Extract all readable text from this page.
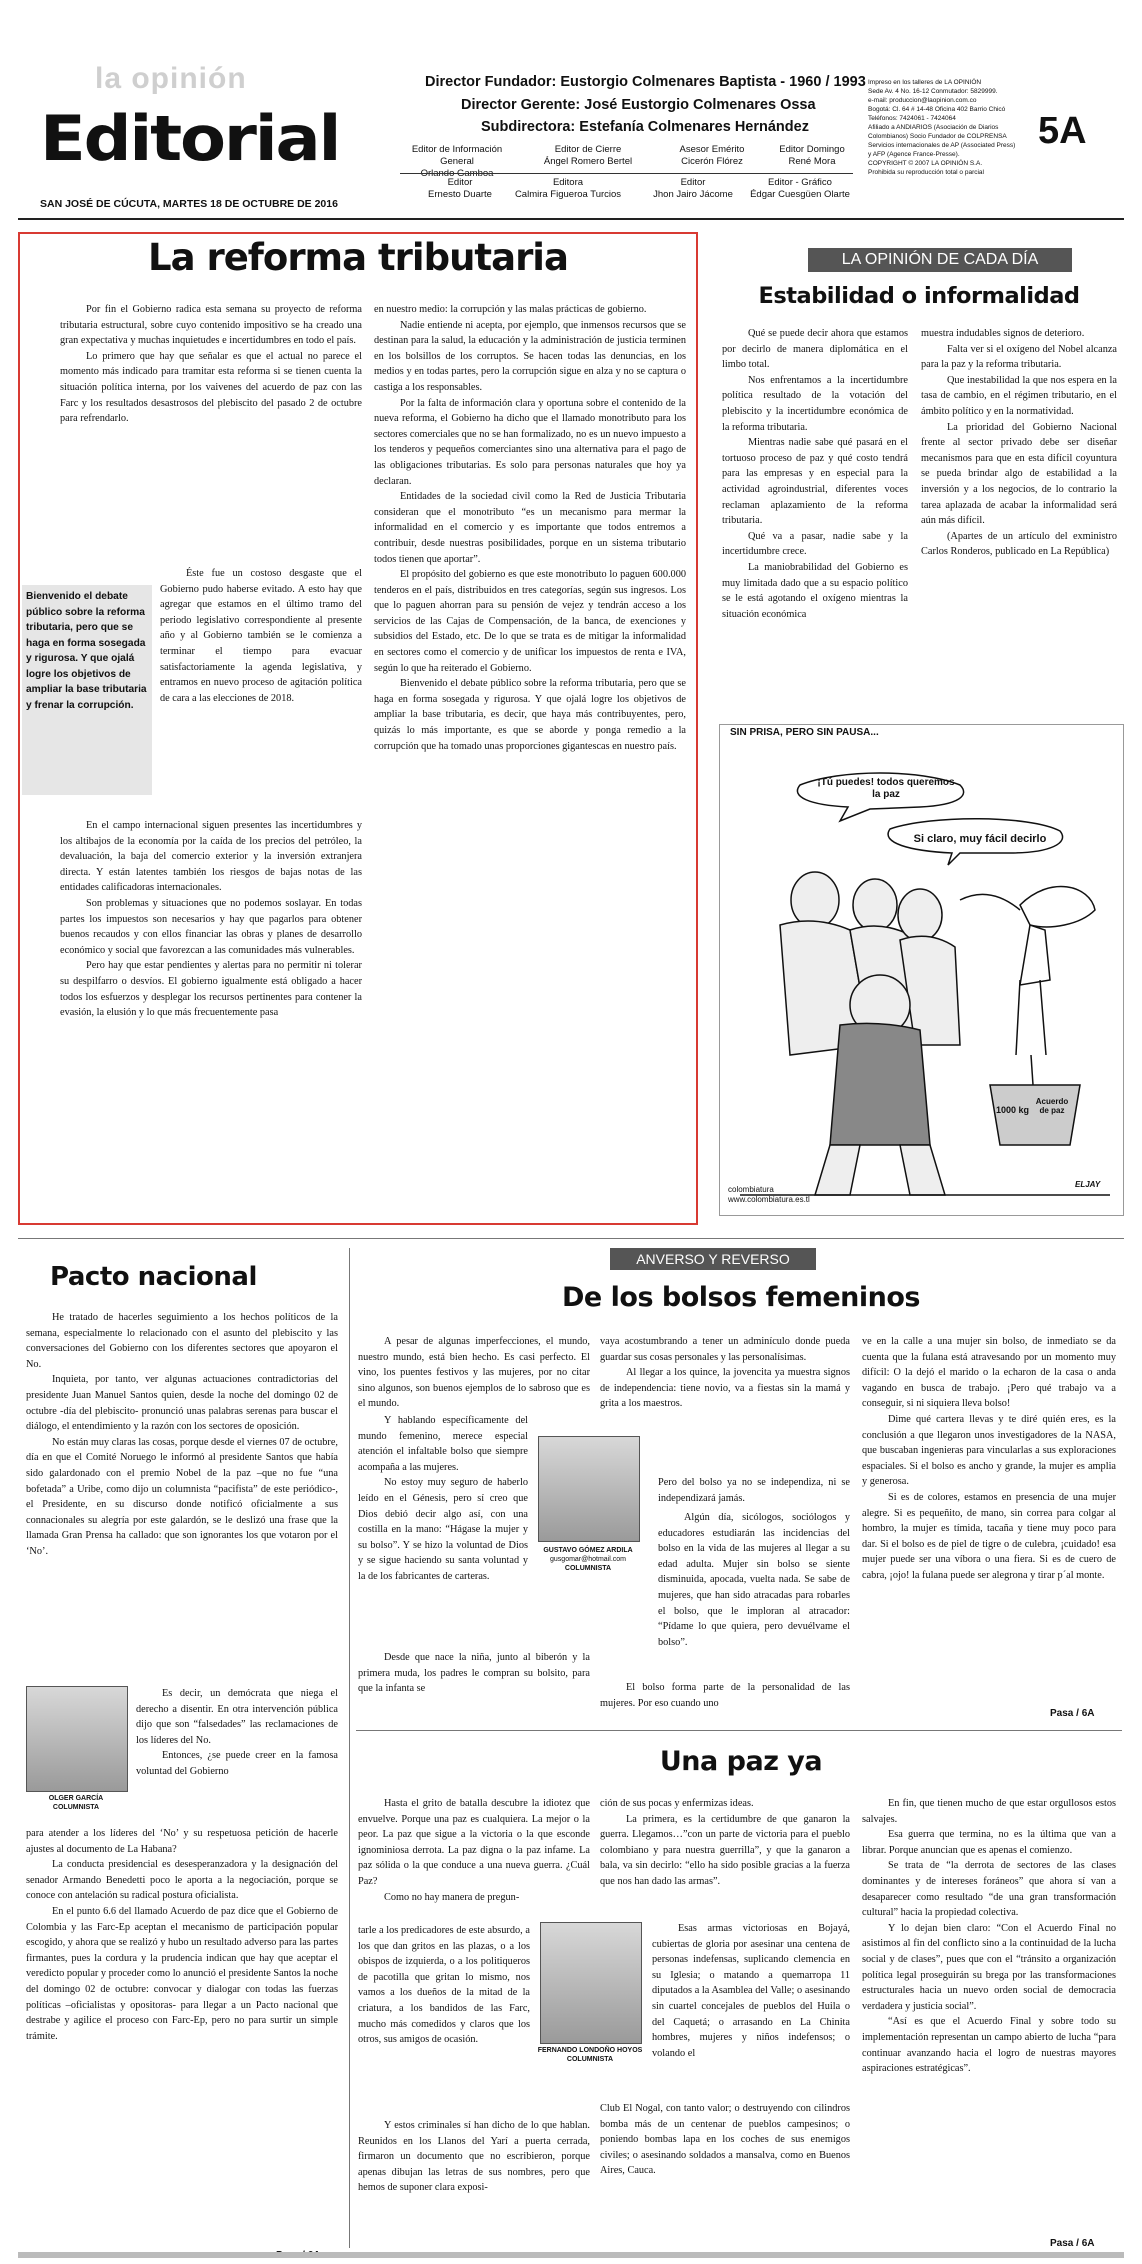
la opinión
Editorial
SAN JOSÉ DE CÚCUTA, MARTES 18 DE OCTUBRE DE 2016
Director Fundador: Eustorgio Colmenares Baptista - 1960 / 1993
Director Gerente: José Eustorgio Colmenares Ossa
Subdirectora: Estefanía Colmenares Hernández
Editor de Información General
Orlando Gamboa
Editor de Cierre
Ángel Romero Bertel
Asesor Emérito
Cicerón Flórez
Editor Domingo
René Mora
Editor
Ernesto Duarte
Editora
Calmira Figueroa Turcios
Editor
Jhon Jairo Jácome
Editor - Gráfico
Édgar Cuesgüen Olarte
Impreso en los talleres de LA OPINIÓN
Sede Av. 4 No. 16-12 Conmutador: 5829999.
e-mail: produccion@laopinion.com.co
Bogotá: Cl. 64 # 14-48 Oficina 402 Barrio Chicó
Teléfonos: 7424061 - 7424064
Afiliado a ANDIARIOS (Asociación de Diarios
Colombianos) Socio Fundador de COLPRENSA
Servicios internacionales de AP (Associated Press)
y AFP (Agence France-Presse).
COPYRIGHT © 2007 LA OPINIÓN S.A.
Prohibida su reproducción total o parcial
5A
La reforma tributaria

Por fin el Gobierno radica esta semana su proyecto de reforma tributaria estructural, sobre cuyo contenido impositivo se ha creado una gran expectativa y muchas inquietudes e incertidumbres en todo el país.

Lo primero que hay que señalar es que el actual no parece el momento más indicado para tramitar esta reforma si se tienen cuenta la situación política interna, por los vaivenes del acuerdo de paz con las Farc y los resultados desastrosos del plebiscito del pasado 2 de octubre para refrendarlo.

Bienvenido el debate público sobre la reforma tributaria, pero que se haga en forma sosegada y rigurosa. Y que ojalá logre los objetivos de ampliar la base tributaria y frenar la corrupción.

Éste fue un costoso desgaste que el Gobierno pudo haberse evitado. A esto hay que agregar que estamos en el último tramo del periodo legislativo correspondiente al presente año y al Gobierno también se le comienza a terminar el tiempo para evacuar satisfactoriamente la agenda legislativa, y entramos en nuevo proceso de agitación política de cara a las elecciones de 2018.

En el campo internacional siguen presentes las incertidumbres y los altibajos de la economía por la caída de los precios del petróleo, la devaluación, la baja del comercio exterior y la inversión extranjera directa. Y están latentes también los riesgos de bajas notas de las entidades calificadoras internacionales.

Son problemas y situaciones que no podemos soslayar. En todas partes los impuestos son necesarios y hay que pagarlos para obtener buenos recaudos y con ellos financiar las obras y planes de desarrollo económico y social que favorezcan a las comunidades más vulnerables.

Pero hay que estar pendientes y alertas para no permitir ni tolerar su despilfarro o desvíos. El gobierno igualmente está obligado a hacer todos los esfuerzos y desplegar los recursos pertinentes para contener la evasión, la elusión y lo que más frecuentemente pasa

en nuestro medio: la corrupción y las malas prácticas de gobierno.

Nadie entiende ni acepta, por ejemplo, que inmensos recursos que se destinan para la salud, la educación y la administración de justicia terminen en los bolsillos de los corruptos. Se hacen todas las denuncias, en los medios y en todas partes, pero la corrupción sigue en alza y no se captura o castiga a los responsables.

Por la falta de información clara y oportuna sobre el contenido de la nueva reforma, el Gobierno ha dicho que el llamado monotributo para los sectores comerciales que no se han formalizado, no es un nuevo impuesto a los tenderos y pequeños comerciantes sino una alternativa para el pago de las obligaciones tributarias. Es solo para personas naturales que hoy ya declaran.

Entidades de la sociedad civil como la Red de Justicia Tributaria consideran que el monotributo “es un mecanismo para mermar la informalidad en el comercio y es importante que todos entremos a contribuir, desde nuestras posibilidades, porque en un sistema tributario todos tienen que aportar”.

El propósito del gobierno es que este monotributo lo paguen 600.000 tenderos en el país, distribuidos en tres categorías, según sus ingresos. Los que lo paguen ahorran para su pensión de vejez y tendrán acceso a los servicios de las Cajas de Compensación, de la banca, de exenciones y subsidios del Estado, etc. De lo que se trata es de mitigar la informalidad en sectores como el comercio y de unificar los impuestos de renta e IVA, según lo que ha reiterado el Gobierno.

Bienvenido el debate público sobre la reforma tributaria, pero que se haga en forma sosegada y rigurosa. Y que ojalá logre los objetivos de ampliar la base tributaria, es decir, que haya más contribuyentes, pero, quizás lo más importante, es que se aborde y ponga remedio a la corrupción que ha tomado unas proporciones gigantescas en nuestro país.

LA OPINIÓN DE CADA DÍA
Estabilidad o informalidad

Qué se puede decir ahora que estamos por decirlo de manera diplomática en el limbo total.

Nos enfrentamos a la incertidumbre política resultado de la votación del plebiscito y la incertidumbre económica de la reforma tributaria.

Mientras nadie sabe qué pasará en el tortuoso proceso de paz y qué costo tendrá para las empresas y en especial para la actividad agroindustrial, diferentes voces reclaman aplazamiento de la reforma tributaria.

Qué va a pasar, nadie sabe y la incertidumbre crece.

La maniobrabilidad del Gobierno es muy limitada dado que a su espacio político se le está agotando el oxígeno mientras la situación económica

muestra indudables signos de deterioro.

Falta ver si el oxígeno del Nobel alcanza para la paz y la reforma tributaria.

Que inestabilidad la que nos espera en la tasa de cambio, en el régimen tributario, en el ámbito político y en la normatividad.

La prioridad del Gobierno Nacional frente al sector privado debe ser diseñar mecanismos para que en esta difícil coyuntura se pueda brindar algo de estabilidad a la inversión y a los negocios, de lo contrario la tarea aplazada de acabar la informalidad será aún más difícil.

(Apartes de un artículo del exministro Carlos Ronderos, publicado en La República)

SIN PRISA, PERO SIN PAUSA...
¡Tú puedes! todos queremos la paz
Si claro, muy fácil decirlo
1000 kg
Acuerdo de paz
ELJAY
colombiatura
www.colombiatura.es.tl
Pacto nacional

He tratado de hacerles seguimiento a los hechos políticos de la semana, especialmente lo relacionado con el asunto del plebiscito y las conversaciones del Gobierno con los diferentes sectores que apoyaron el No.

Inquieta, por tanto, ver algunas actuaciones contradictorias del presidente Juan Manuel Santos quien, desde la noche del domingo 02 de octubre -día del plebiscito- pronunció unas palabras serenas para buscar el diálogo, el entendimiento y la razón con los sectores de oposición.

No están muy claras las cosas, porque desde el viernes 07 de octubre, día en que el Comité Noruego le informó al presidente Santos que había sido galardonado con el premio Nobel de la paz –que no fue “una bofetada” a Uribe, como dijo un columnista “pacifista” de este periódico-, el Presidente, en su discurso donde notificó oficialmente a sus connacionales su alegría por este galardón, se le deslizó una frase que la llamada Gran Prensa ha callado: que son ignorantes los que votaron por el ‘No’.

OLGER GARCÍA
COLUMNISTA

Es decir, un demócrata que niega el derecho a disentir. En otra intervención pública dijo que son “falsedades” las reclamaciones de los líderes del No.

Entonces, ¿se puede creer en la famosa voluntad del Gobierno

para atender a los líderes del ‘No’ y su respetuosa petición de hacerle ajustes al documento de La Habana?

La conducta presidencial es desesperanzadora y la designación del senador Armando Benedetti poco le aporta a la negociación, porque se conoce con antelación su radical postura oficialista.

En el punto 6.6 del llamado Acuerdo de paz dice que el Gobierno de Colombia y las Farc-Ep aceptan el mecanismo de participación popular escogido, y ahora que se realizó y hubo un resultado adverso para las partes firmantes, pues la cordura y la prudencia indican que hay que aceptar el veredicto popular y proceder como lo anunció el presidente Santos la noche del domingo 02 de octubre: convocar y dialogar con todas las fuerzas políticas –oficialistas y opositoras- para llegar a un Pacto nacional que destrabe y agilice el proceso con Farc-Ep, pero no para surtir un simple trámite.

Pasa / 6A
ANVERSO Y REVERSO
De los bolsos femeninos

A pesar de algunas imperfecciones, el mundo, nuestro mundo, está bien hecho. Es casi perfecto. El vino, los puentes festivos y las mujeres, por no citar sino algunos, son buenos ejemplos de lo sabroso que es el mundo.

Y hablando específicamente del mundo femenino, merece especial atención el infaltable bolso que siempre acompaña a las mujeres.

No estoy muy seguro de haberlo leído en el Génesis, pero sí creo que Dios debió decir algo así, con una costilla en la mano: “Hágase la mujer y su bolso”. Y se hizo la voluntad de Dios y se sigue haciendo su santa voluntad y la de los fabricantes de carteras.

Desde que nace la niña, junto al biberón y la primera muda, los padres le compran su bolsito, para que la infanta se

GUSTAVO GÓMEZ ARDILA
gusgomar@hotmail.com
COLUMNISTA

vaya acostumbrando a tener un adminículo donde pueda guardar sus cosas personales y las personalísimas.

Al llegar a los quince, la jovencita ya muestra signos de independencia: tiene novio, va a fiestas sin la mamá y grita a los maestros.

Pero del bolso ya no se independiza, ni se independizará jamás.

Algún día, sicólogos, sociólogos y educadores estudiarán las incidencias del bolso en la vida de las mujeres al llegar a su edad adulta. Mujer sin bolso se siente disminuida, apocada, vuelta nada. Se sabe de mujeres, que han sido atracadas para robarles el bolso, que le imploran al atracador: “Pídame lo que quiera, pero devuélvame el bolso”.

El bolso forma parte de la personalidad de las mujeres. Por eso cuando uno

ve en la calle a una mujer sin bolso, de inmediato se da cuenta que la fulana está atravesando por un momento muy difícil: O la dejó el marido o la echaron de la casa o anda vagando en busca de trabajo. ¡Pero qué trabajo va a conseguir, si ni siquiera lleva bolso!

Dime qué cartera llevas y te diré quién eres, es la conclusión a que llegaron unos investigadores de la NASA, que buscaban ingenieras para vincularlas a sus exploraciones espaciales. Si el bolso es ancho y grande, la mujer es amplia y generosa.

Si es de colores, estamos en presencia de una mujer alegre. Si es pequeñito, de mano, sin correa para colgar al hombro, la mujer es tímida, tacaña y tiene muy poco para dar. Si el bolso es de piel de tigre o de culebra, ¡cuidado! esa mujer puede ser una víbora o una fiera. Si es de cuero de cabra, ¡ojo! la fulana puede ser alegrona y tirar p´al monte.

Pasa / 6A
Una paz ya

Hasta el grito de batalla descubre la idiotez que envuelve. Porque una paz es cualquiera. La mejor o la peor. La paz que sigue a la victoria o la que esconde ignominiosa derrota. La paz digna o la paz infame. La paz sólida o la que conduce a una nueva guerra. ¿Cuál Paz?

Como no hay manera de pregun-

tarle a los predicadores de este absurdo, a los que dan gritos en las plazas, o a los obispos de izquierda, o a los politiqueros de pacotilla que gritan lo mismo, nos vamos a los dueños de la mitad de la criatura, a los bandidos de las Farc, mucho más comedidos y claros que los otros, sus amigos de ocasión.

Y estos criminales sí han dicho de lo que hablan. Reunidos en los Llanos del Yarí a puerta cerrada, firmaron un documento que no escribieron, porque apenas dibujan las letras de sus nombres, pero que hemos de suponer clara exposi-

FERNANDO LONDOÑO HOYOS
COLUMNISTA

ción de sus pocas y enfermizas ideas.

La primera, es la certidumbre de que ganaron la guerra. Llegamos…”con un parte de victoria para el pueblo colombiano y para nuestra guerrilla”, y que la ganaron a bala, va sin decirlo: “ello ha sido posible gracias a la fuerza que nos han dado las armas”.

Esas armas victoriosas en Bojayá, cubiertas de gloria por asesinar una centena de personas indefensas, suplicando clemencia en su Iglesia; o matando a quemarropa 11 diputados a la Asamblea del Valle; o asesinando sin cuartel concejales de pueblos del Huila o del Caquetá; o arrasando en La Chinita hombres, mujeres y niños indefensos; o volando el

Club El Nogal, con tanto valor; o destruyendo con cilindros bomba más de un centenar de pueblos campesinos; o poniendo bombas lapa en los coches de sus enemigos civiles; o asesinando soldados a mansalva, como en Buenos Aires, Cauca.

En fin, que tienen mucho de que estar orgullosos estos salvajes.

Esa guerra que termina, no es la última que van a librar. Porque anuncian que es apenas el comienzo.

Se trata de “la derrota de sectores de las clases dominantes y de intereses foráneos” que ahora sí van a desaparecer como resultado “de una gran transformación cultural” hacia la propiedad colectiva.

Y lo dejan bien claro: “Con el Acuerdo Final no asistimos al fin del conflicto sino a la continuidad de la lucha social y de clases”, pues que con el “tránsito a organización política legal proseguirán su brega por las transformaciones estructurales hacia un nuevo orden social de democracia verdadera y justicia social”.

“Así es que el Acuerdo Final y sobre todo su implementación representan un campo abierto de lucha “para continuar avanzando hacia el logro de nuestras mayores aspiraciones estratégicas”.

Pasa / 6A
